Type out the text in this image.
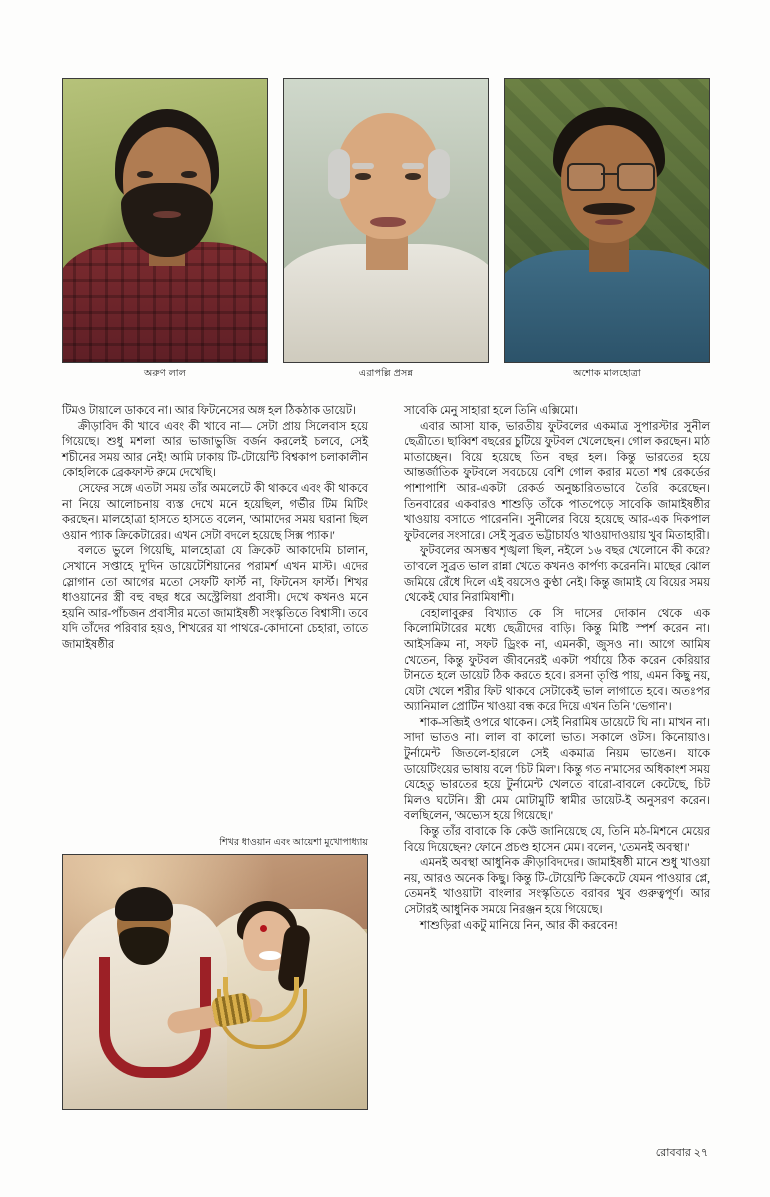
অরুণ লাল	এরাপল্লি প্রসন্ন	অশোক মালহোত্রা

টিমও টায়ালে ডাকবে না। আর ফিটনেসের অঙ্গ হল ঠিকঠাক ডায়েট।

ক্রীড়াবিদ কী খাবে এবং কী খাবে না— সেটা প্রায় সিলেবাস হয়ে গিয়েছে। শুধু মশলা আর ভাজাভুজি বর্জন করলেই চলবে, সেই শচীনের সময় আর নেই! আমি ঢাকায় টি-টোয়েন্টি বিশ্বকাপ চলাকালীন কোহলিকে ব্রেকফাস্ট রুমে দেখেছি।

সেফের সঙ্গে এতটা সময় তাঁর অমলেটে কী থাকবে এবং কী থাকবে না নিয়ে আলোচনায় ব্যস্ত দেখে মনে হয়েছিল, গর্ভীর টিম মিটিং করছেন। মালহোত্রা হাসতে হাসতে বলেন, 'আমাদের সময় ঘরানা ছিল ওয়ান প্যাক ক্রিকেটারের। এখন সেটা বদলে হয়েছে সিক্স প্যাক।'

বলতে ভুলে গিয়েছি, মালহোত্রা যে ক্রিকেট আকাদেমি চালান, সেখানে সপ্তাহে দু'দিন ডায়েটেশিয়ানের পরামর্শ এখন মাস্ট। এদের স্লোগান তো আগের মতো সেফটি ফার্স্ট না, ফিটনেস ফার্স্ট। শিখর ধাওয়ানের স্ত্রী বহু বছর ধরে অস্ট্রেলিয়া প্রবাসী। দেখে কখনও মনে হয়নি আর-পাঁচজন প্রবাসীর মতো জামাইষষ্ঠী সংস্কৃতিতে বিশ্বাসী। তবে যদি তাঁদের পরিবার হয়ও, শিখরের যা পাথরে-কোদানো চেহারা, তাতে জামাইষষ্ঠীর

সাবেকি মেনু সাহারা হলে তিনি এক্সিমো।

এবার আসা যাক, ভারতীয় ফুটবলের একমাত্র সুপারস্টার সুনীল ছেত্রীতে। ছাব্বিশ বছরের চুটিয়ে ফুটবল খেলেছেন। গোল করছেন। মাঠ মাতাচ্ছেন। বিয়ে হয়েছে তিন বছর হল। কিন্তু ভারতের হয়ে আন্তর্জাতিক ফুটবলে সবচেয়ে বেশি গোল করার মতো শশ্ব রেকর্ডের পাশাপাশি আর-একটা রেকর্ড অনুচ্চারিতভাবে তৈরি করেছেন। তিনবারের একবারও শাশুড়ি তাঁকে পাতপেড়ে সাবেকি জামাইষষ্ঠীর খাওয়ায় বসাতে পারেননি। সুনীলের বিয়ে হয়েছে আর-এক দিকপাল ফুটবলের সংসারে। সেই সুব্রত ভট্টাচার্যও খাওয়াদাওয়ায় খুব মিতাহারী।

ফুটবলের অসম্ভব শৃঙ্খলা ছিল, নইলে ১৬ বছর খেলোনে কী করে? তা'বলে সুব্রত ভাল রান্না খেতে কখনও কার্পণ্য করেননি। মাছের ঝোল জমিয়ে রেঁধে দিলে এই বয়সেও কুণ্ঠা নেই। কিন্তু জামাই যে বিয়ের সময় থেকেই ঘোর নিরামিষাশী।

বেহালাবুরুর বিখ্যাত কে সি দাসের দোকান থেকে এক কিলোমিটারের মধ্যে ছেত্রীদের বাড়ি। কিন্তু মিষ্টি স্পর্শ করেন না। আইসক্রিম না, সফট ড্রিংক না, এমনকী, জুসও না। আগে আমিষ খেতেন, কিন্তু ফুটবল জীবনেরই একটা পর্যায়ে ঠিক করেন কেরিয়ার টানতে হলে ডায়েট ঠিক করতে হবে। রসনা তৃপ্তি পায়, এমন কিছু নয়, যেটা খেলে শরীর ফিট থাকবে সেটাকেই ভাল লাগাতে হবে। অতঃপর অ্যানিমাল প্রোটিন খাওয়া বন্ধ করে দিয়ে এখন তিনি 'ভেগান'।

শাক-সব্জিই ওপরে থাকেন। সেই নিরামিষ ডায়েটে ঘি না। মাখন না। সাদা ভাতও না। লাল বা কালো ভাত। সকালে ওটস। কিনোয়াও। টুর্নামেন্ট জিতলে-হারলে সেই একমাত্র নিয়ম ভাঙেন। যাকে ডায়েটিংয়ের ভাষায় বলে 'চিট মিল'। কিন্তু গত ন'মাসের অধিকাংশ সময় যেহেতু ভারতের হয়ে টুর্নামেন্ট খেলতে বারো-বাবলে কেটেছে, চিট মিলও ঘটেনি। স্ত্রী মেম মোটামুটি স্বামীর ডায়েট-ই অনুসরণ করেন। বলছিলেন, 'অভ্যেস হয়ে গিয়েছে।'

কিন্তু তাঁর বাবাকে কি কেউ জানিয়েছে যে, তিনি মঠ-মিশনে মেয়ের বিয়ে দিয়েছেন? ফোনে প্রচণ্ড হাসেন মেম। বলেন, 'তেমনই অবস্থা।'

এমনই অবস্থা আধুনিক ক্রীড়াবিদদের। জামাইষষ্ঠী মানে শুধু খাওয়া নয়, আরও অনেক কিছু। কিন্তু টি-টোয়েন্টি ক্রিকেটে যেমন পাওয়ার প্লে, তেমনই খাওয়াটা বাংলার সংস্কৃতিতে বরাবর খুব গুরুত্বপূর্ণ। আর সেটারই আধুনিক সময়ে নিরঞ্জন হয়ে গিয়েছে।

শাশুড়িরা একটু মানিয়ে নিন, আর কী করবেন!

শিখর ধাওয়ান এবং আয়েশা মুখোপাধ্যায়
রোববার ২৭
